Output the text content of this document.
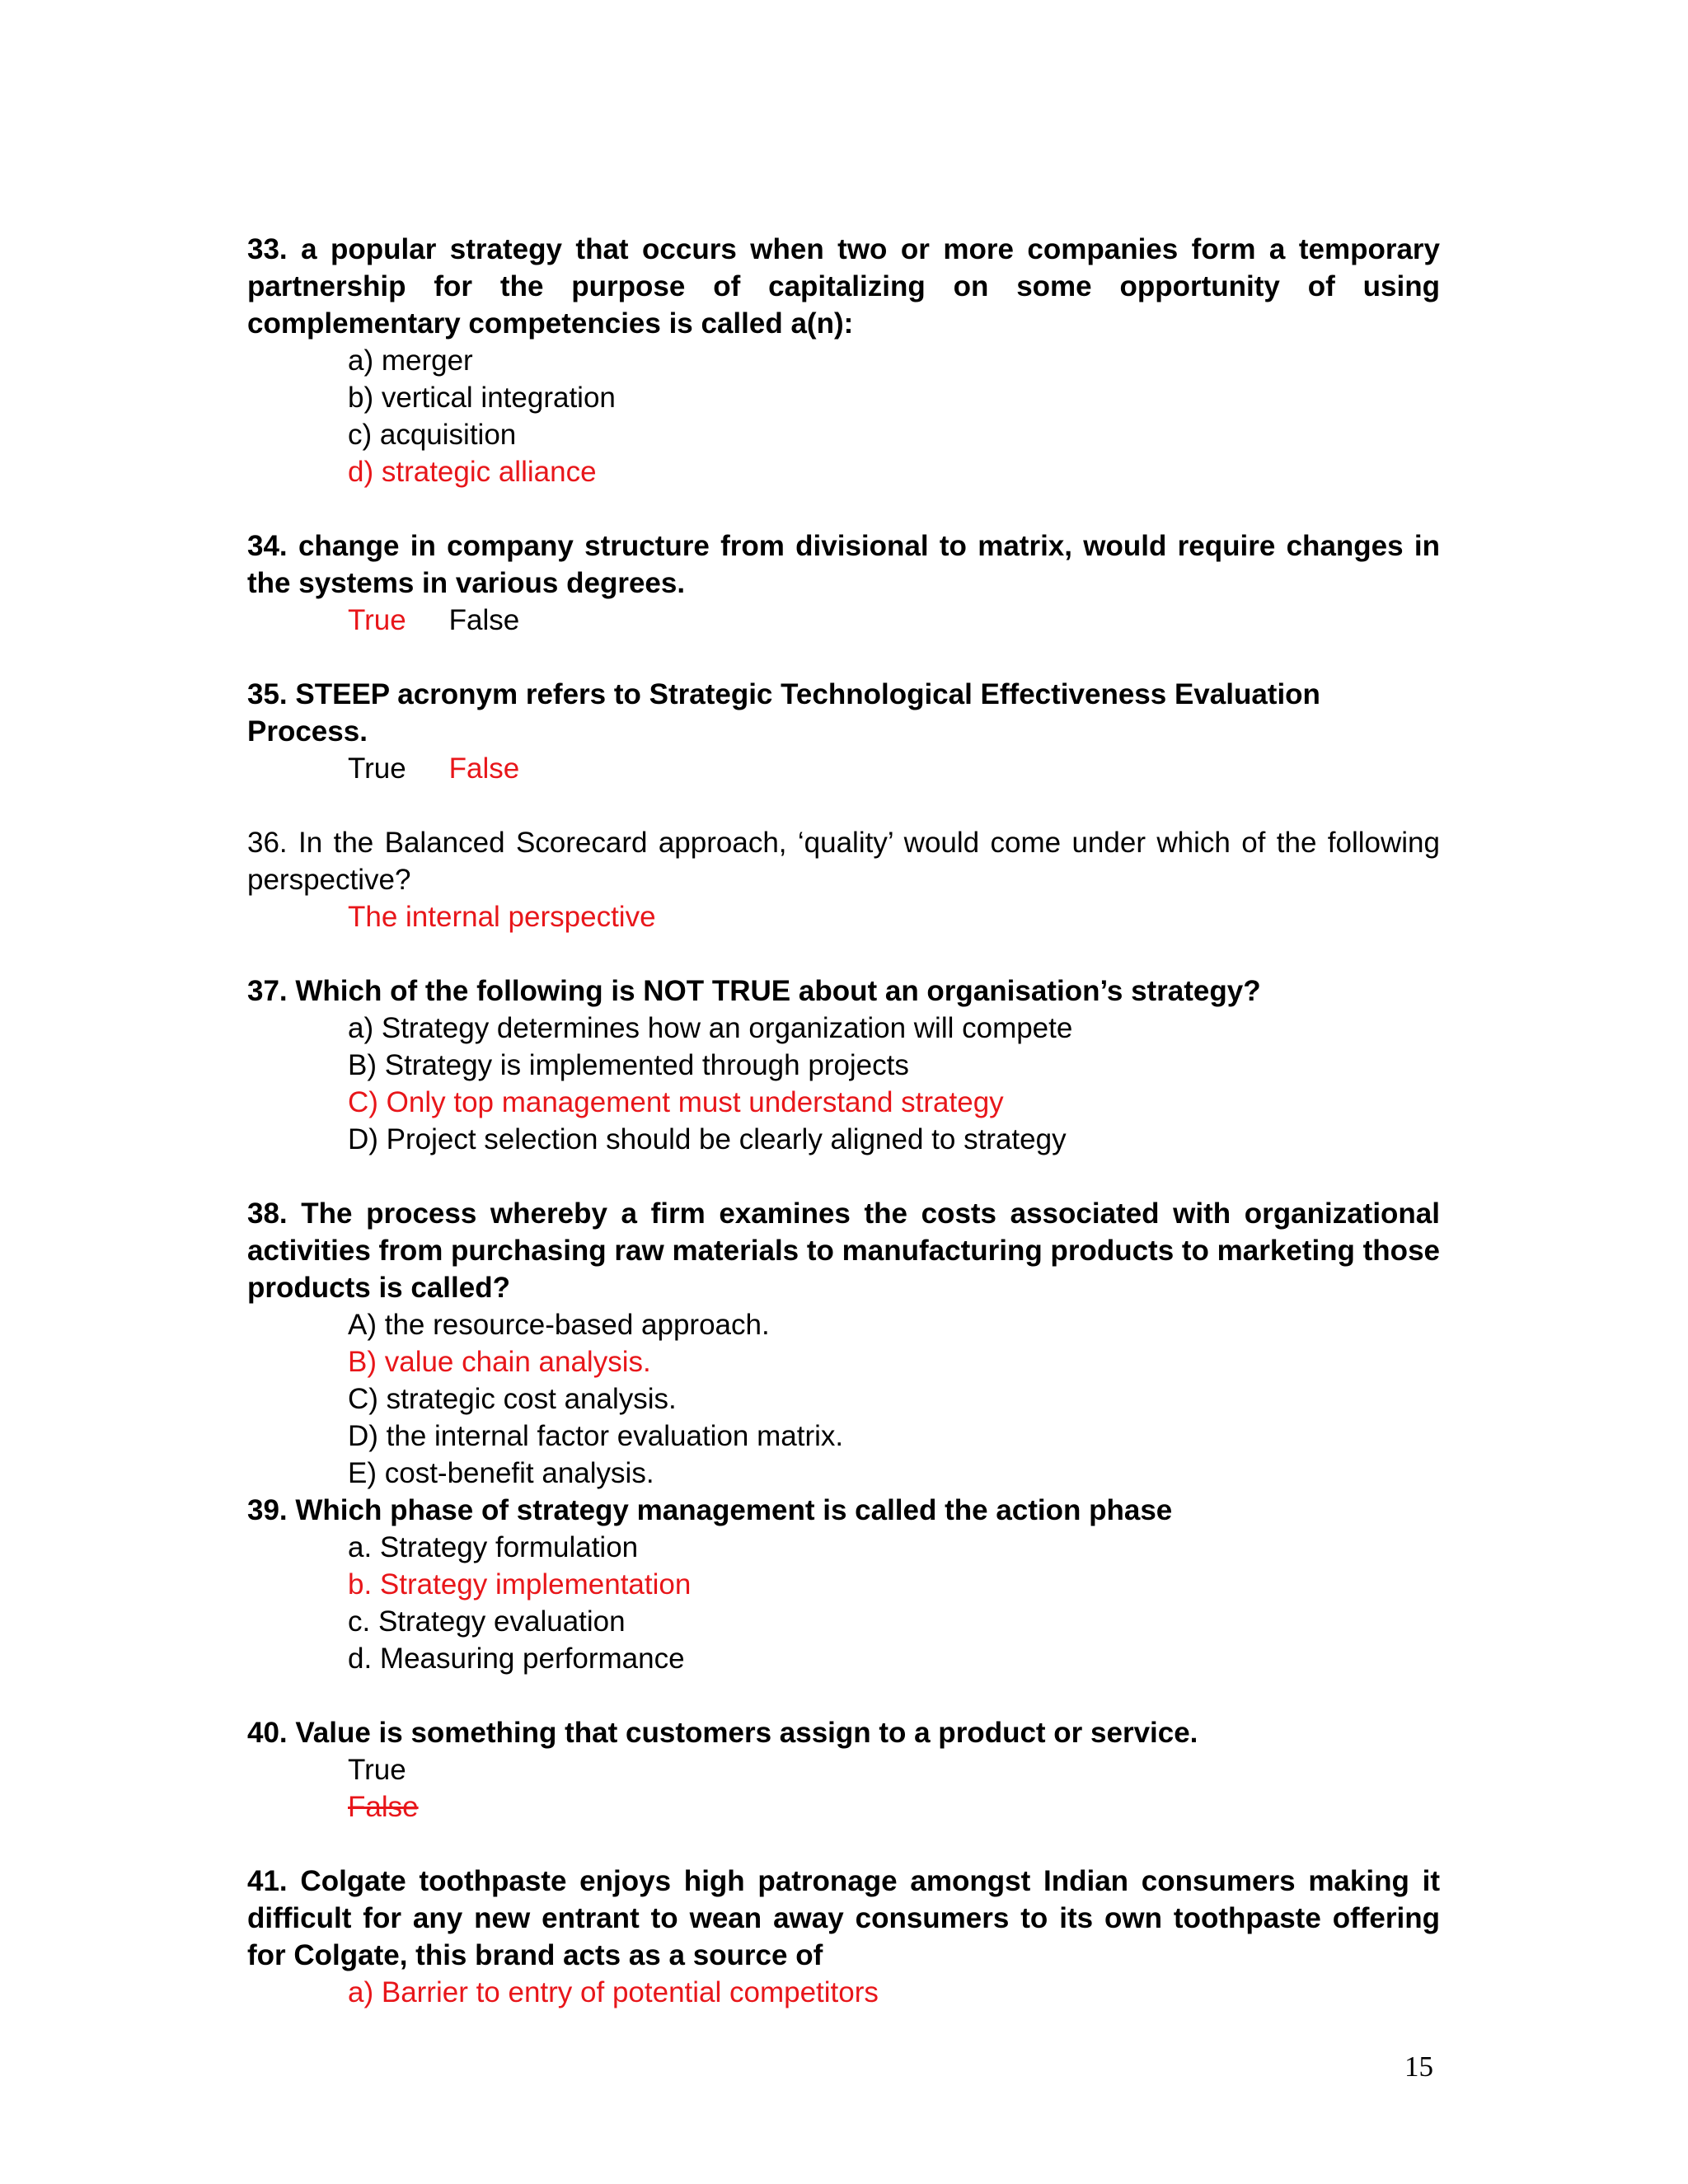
33. a popular strategy that occurs when two or more companies form a temporary partnership for the purpose of capitalizing on some opportunity of using complementary competencies is called a(n):

a) merger
b) vertical integration
c) acquisition
d) strategic alliance

34. change in company structure from divisional to matrix, would require changes in the systems in various degrees.

True False

35. STEEP acronym refers to Strategic Technological Effectiveness Evaluation Process.

True False

36. In the Balanced Scorecard approach, ‘quality’ would come under which of the following perspective?

The internal perspective

37. Which of the following is NOT TRUE about an organisation’s strategy?

a) Strategy determines how an organization will compete
B) Strategy is implemented through projects
C) Only top management must understand strategy
D) Project selection should be clearly aligned to strategy

38. The process whereby a firm examines the costs associated with organizational activities from purchasing raw materials to manufacturing products to marketing those products is called?

A) the resource-based approach.
B) value chain analysis.
C) strategic cost analysis.
D) the internal factor evaluation matrix.
E) cost-benefit analysis.

39. Which phase of strategy management is called the action phase

a. Strategy formulation
b. Strategy implementation
c. Strategy evaluation
d. Measuring performance

40. Value is something that customers assign to a product or service.

True
False

41. Colgate toothpaste enjoys high patronage amongst Indian consumers making it difficult for any new entrant to wean away consumers to its own toothpaste offering for Colgate, this brand acts as a source of

a) Barrier to entry of potential competitors
15
